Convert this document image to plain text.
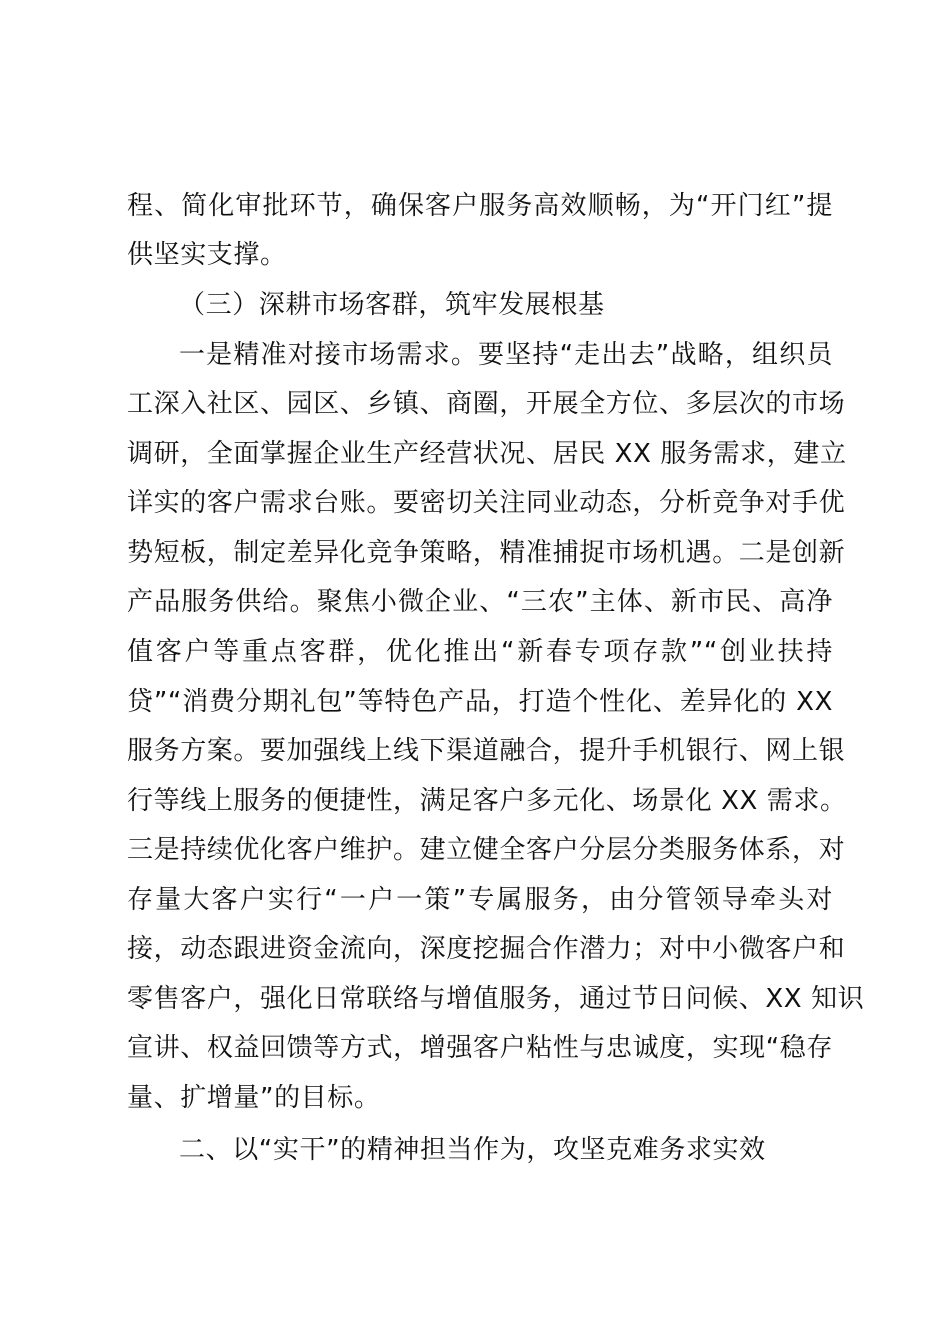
程、简化审批环节，确保客户服务高效顺畅，为“开门红”提
供坚实支撑。
（三）深耕市场客群，筑牢发展根基
一是精准对接市场需求。要坚持“走出去”战略，组织员
工深入社区、园区、乡镇、商圈，开展全方位、多层次的市场
调研，全面掌握企业生产经营状况、居民 XX 服务需求，建立
详实的客户需求台账。要密切关注同业动态，分析竞争对手优
势短板，制定差异化竞争策略，精准捕捉市场机遇。二是创新
产品服务供给。聚焦小微企业、“三农”主体、新市民、高净
值客户等重点客群，优化推出“新春专项存款”“创业扶持
贷”“消费分期礼包”等特色产品，打造个性化、差异化的 XX
服务方案。要加强线上线下渠道融合，提升手机银行、网上银
行等线上服务的便捷性，满足客户多元化、场景化 XX 需求。
三是持续优化客户维护。建立健全客户分层分类服务体系，对
存量大客户实行“一户一策”专属服务，由分管领导牵头对
接，动态跟进资金流向，深度挖掘合作潜力；对中小微客户和
零售客户，强化日常联络与增值服务，通过节日问候、XX 知识
宣讲、权益回馈等方式，增强客户粘性与忠诚度，实现“稳存
量、扩增量”的目标。
二、以“实干”的精神担当作为，攻坚克难务求实效
